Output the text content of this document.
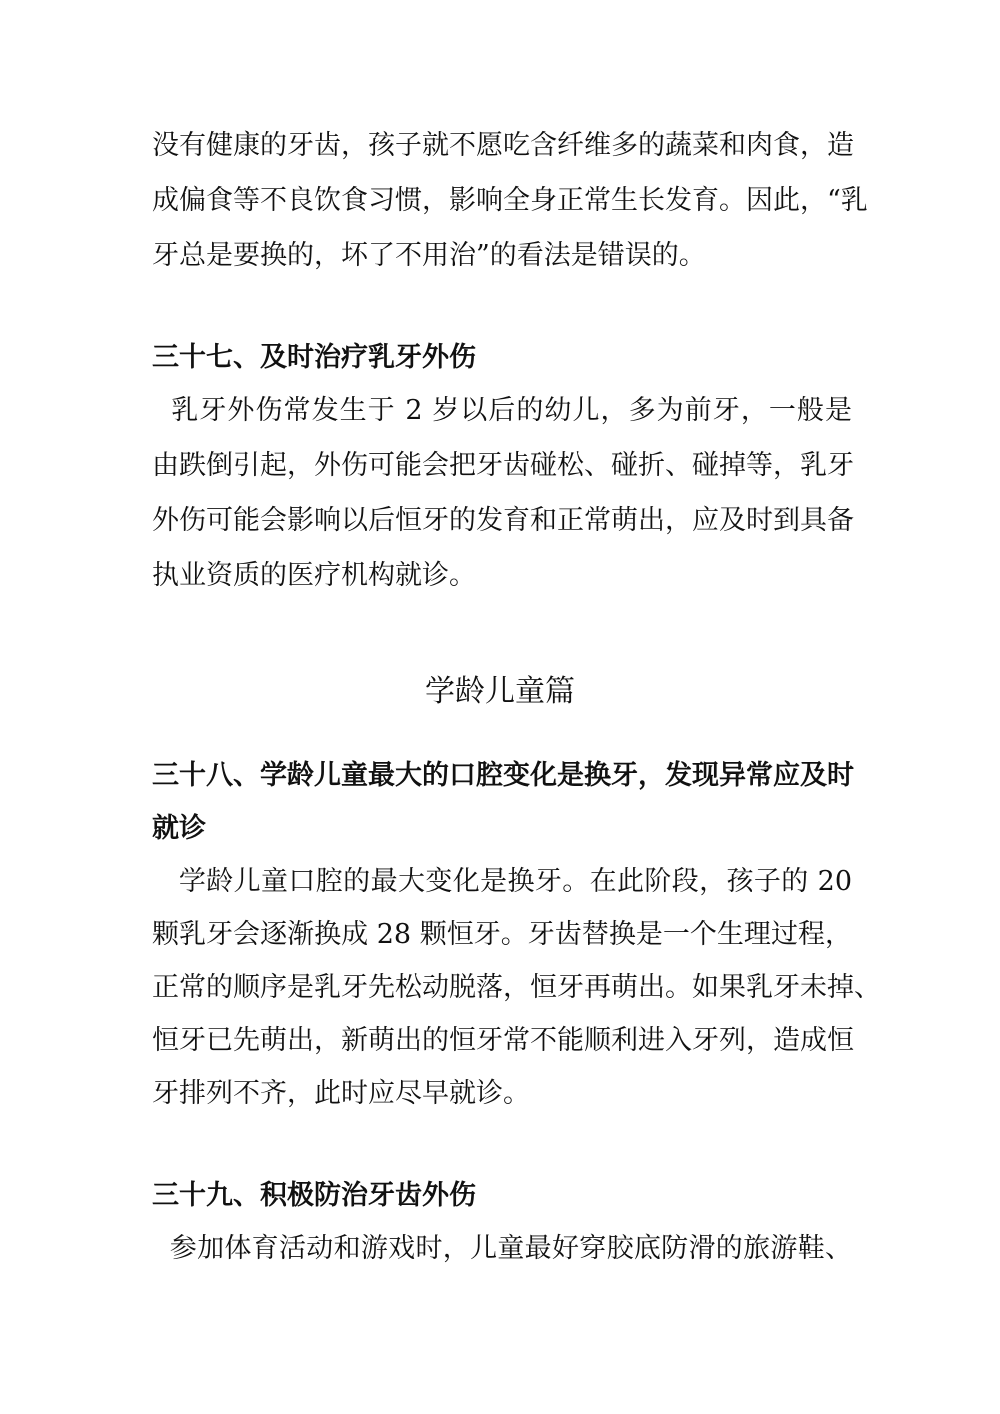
没有健康的牙齿，孩子就不愿吃含纤维多的蔬菜和肉食，造
成偏食等不良饮食习惯，影响全身正常生长发育。因此，“乳
牙总是要换的，坏了不用治”的看法是错误的。
三十七、及时治疗乳牙外伤
乳牙外伤常发生于 2 岁以后的幼儿，多为前牙，一般是
由跌倒引起，外伤可能会把牙齿碰松、碰折、碰掉等，乳牙
外伤可能会影响以后恒牙的发育和正常萌出，应及时到具备
执业资质的医疗机构就诊。
学龄儿童篇
三十八、学龄儿童最大的口腔变化是换牙，发现异常应及时
就诊
学龄儿童口腔的最大变化是换牙。在此阶段，孩子的 20
颗乳牙会逐渐换成 28 颗恒牙。牙齿替换是一个生理过程，
正常的顺序是乳牙先松动脱落，恒牙再萌出。如果乳牙未掉、
恒牙已先萌出，新萌出的恒牙常不能顺利进入牙列，造成恒
牙排列不齐，此时应尽早就诊。
三十九、积极防治牙齿外伤
参加体育活动和游戏时，儿童最好穿胶底防滑的旅游鞋、
